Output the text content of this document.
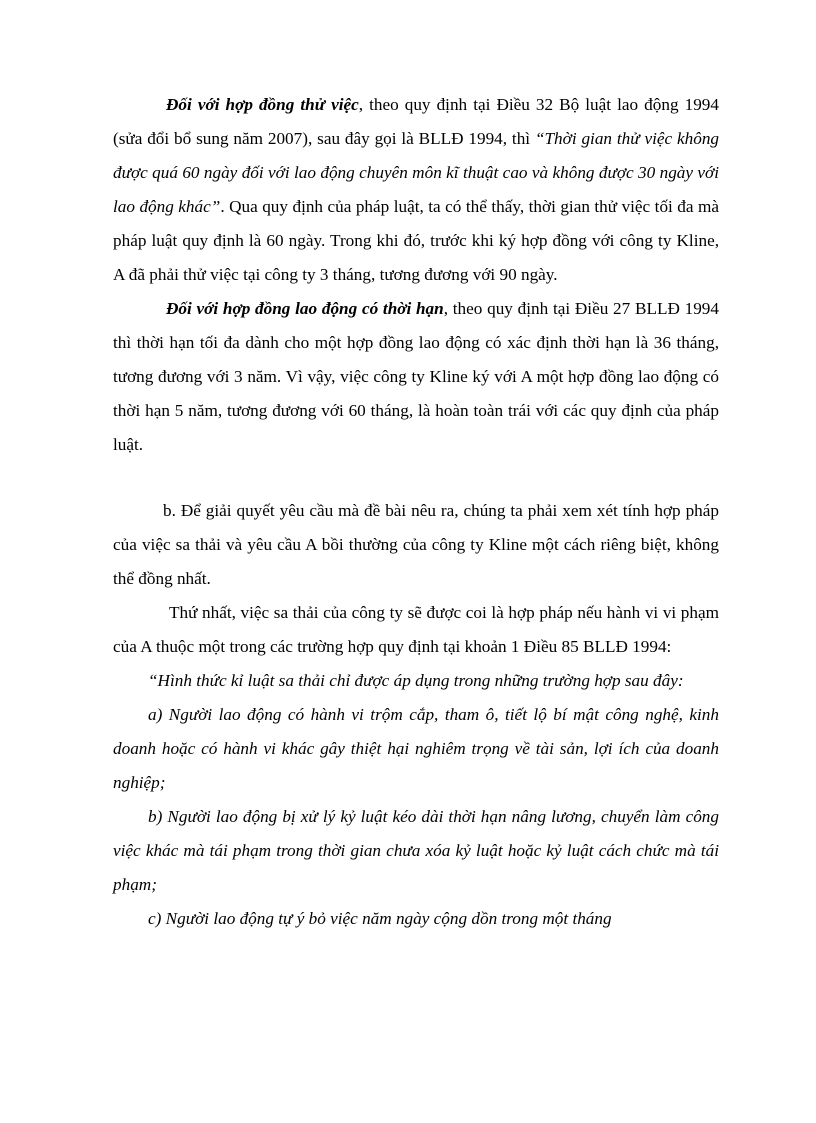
Đối với hợp đồng thử việc, theo quy định tại Điều 32 Bộ luật lao động 1994 (sửa đổi bổ sung năm 2007), sau đây gọi là BLLĐ 1994, thì “Thời gian thử việc không được quá 60 ngày đối với lao động chuyên môn kĩ thuật cao và không được 30 ngày với lao động khác”. Qua quy định của pháp luật, ta có thể thấy, thời gian thử việc tối đa mà pháp luật quy định là 60 ngày. Trong khi đó, trước khi ký hợp đồng với công ty Kline, A đã phải thử việc tại công ty 3 tháng, tương đương với 90 ngày.

Đối với hợp đồng lao động có thời hạn, theo quy định tại Điều 27 BLLĐ 1994 thì thời hạn tối đa dành cho một hợp đồng lao động có xác định thời hạn là 36 tháng, tương đương với 3 năm. Vì vậy, việc công ty Kline ký với A một hợp đồng lao động có thời hạn 5 năm, tương đương với 60 tháng, là hoàn toàn trái với các quy định của pháp luật.

b. Để giải quyết yêu cầu mà đề bài nêu ra, chúng ta phải xem xét tính hợp pháp của việc sa thải và yêu cầu A bồi thường của công ty Kline một cách riêng biệt, không thể đồng nhất.

Thứ nhất, việc sa thải của công ty sẽ được coi là hợp pháp nếu hành vi vi phạm của A thuộc một trong các trường hợp quy định tại khoản 1 Điều 85 BLLĐ 1994:

“Hình thức kỉ luật sa thải chỉ được áp dụng trong những trường hợp sau đây:

a) Người lao động có hành vi trộm cắp, tham ô, tiết lộ bí mật công nghệ, kinh doanh hoặc có hành vi khác gây thiệt hại nghiêm trọng về tài sản, lợi ích của doanh nghiệp;

b) Người lao động bị xử lý kỷ luật kéo dài thời hạn nâng lương, chuyển làm công việc khác mà tái phạm trong thời gian chưa xóa kỷ luật hoặc kỷ luật cách chức mà tái phạm;

c) Người lao động tự ý bỏ việc năm ngày cộng dồn trong một tháng
